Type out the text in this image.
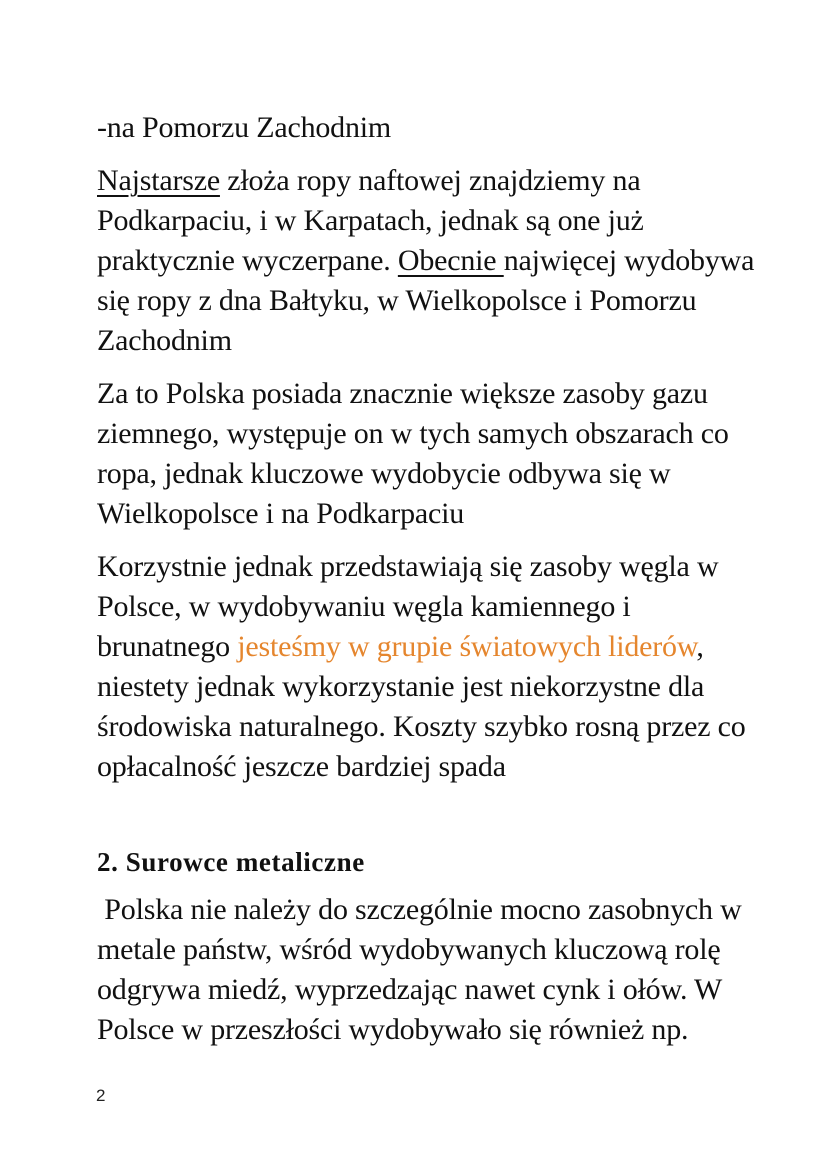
-na Pomorzu Zachodnim

Najstarsze złoża ropy naftowej znajdziemy na
Podkarpaciu, i w Karpatach, jednak są one już
praktycznie wyczerpane. Obecnie najwięcej wydobywa
się ropy z dna Bałtyku, w Wielkopolsce i Pomorzu
Zachodnim

Za to Polska posiada znacznie większe zasoby gazu
ziemnego, występuje on w tych samych obszarach co
ropa, jednak kluczowe wydobycie odbywa się w
Wielkopolsce i na Podkarpaciu

Korzystnie jednak przedstawiają się zasoby węgla w
Polsce, w wydobywaniu węgla kamiennego i
brunatnego jesteśmy w grupie światowych liderów,
niestety jednak wykorzystanie jest niekorzystne dla
środowiska naturalnego. Koszty szybko rosną przez co
opłacalność jeszcze bardziej spada

2. Surowce metaliczne

Polska nie należy do szczególnie mocno zasobnych w
metale państw, wśród wydobywanych kluczową rolę
odgrywa miedź, wyprzedzając nawet cynk i ołów. W
Polsce w przeszłości wydobywało się również np.

2
